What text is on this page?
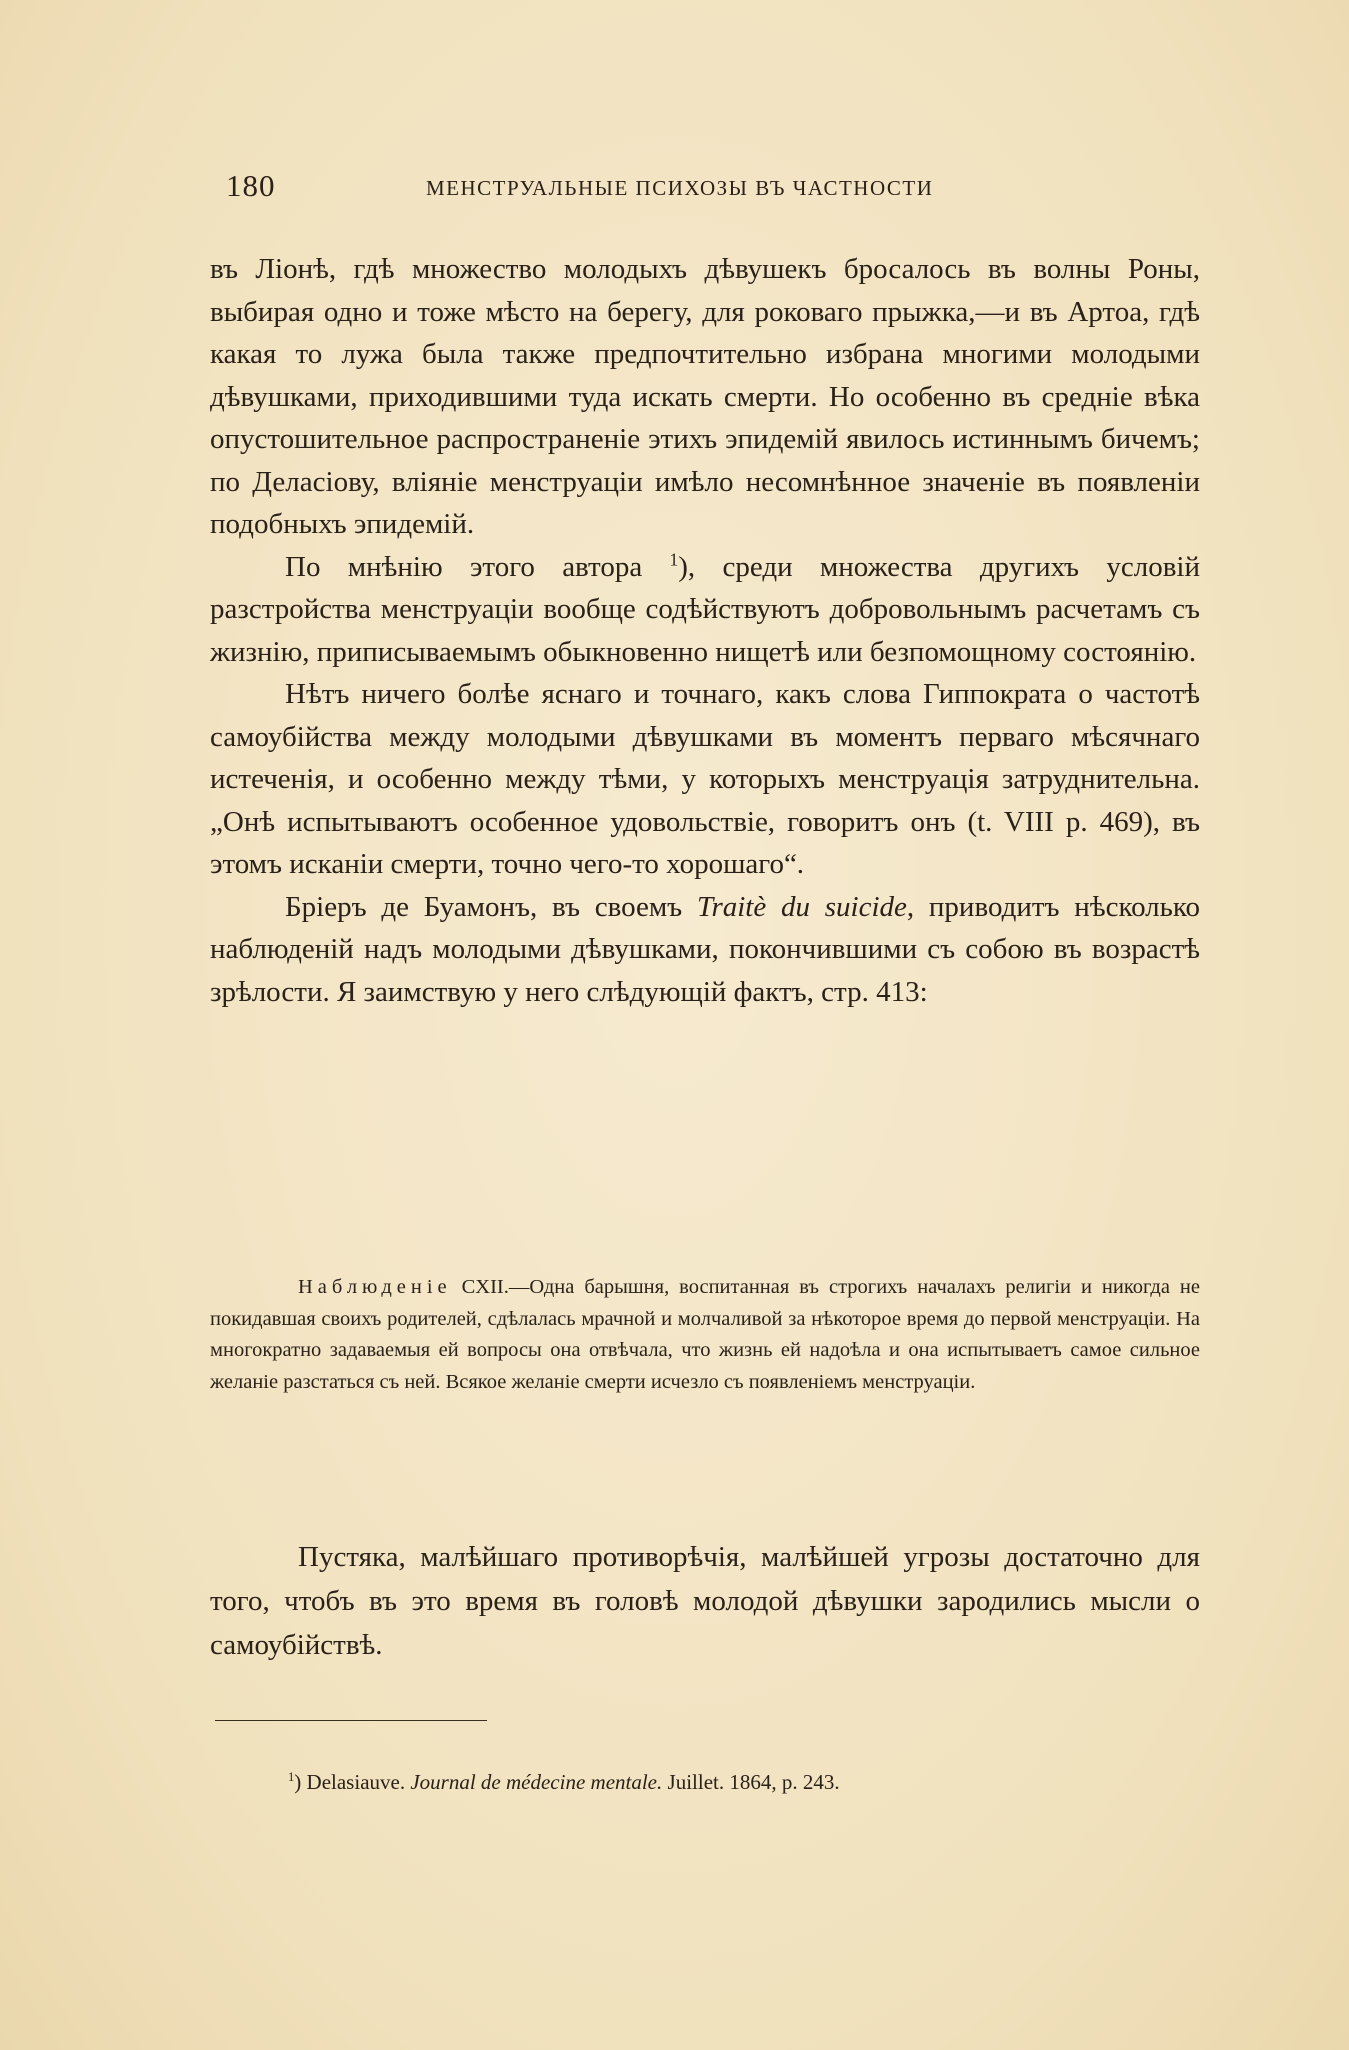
180	МЕНСТРУАЛЬНЫЕ ПСИХОЗЫ ВЪ ЧАСТНОСТИ

въ Ліонѣ, гдѣ множество молодыхъ дѣвушекъ бросалось въ волны Роны, выбирая одно и тоже мѣсто на берегу, для роковаго прыжка,—и въ Артоа, гдѣ какая то лужа была также предпочтительно избрана многими молодыми дѣвушками, приходившими туда искать смерти. Но особенно въ средніе вѣка опустошительное распространеніе этихъ эпидемій явилось истиннымъ бичемъ; по Деласіову, вліяніе менструаціи имѣло несомнѣнное значеніе въ появленіи подобныхъ эпидемій.

По мнѣнію этого автора $^1$), среди множества другихъ условій разстройства менструаціи вообще содѣйствуютъ добровольнымъ расчетамъ съ жизнію, приписываемымъ обыкновенно нищетѣ или безпомощному состоянію.

Нѣтъ ничего болѣе яснаго и точнаго, какъ слова Гиппократа о частотѣ самоубійства между молодыми дѣвушками въ моментъ перваго мѣсячнаго истеченія, и особенно между тѣми, у которыхъ менструація затруднительна. „Онѣ испытываютъ особенное удовольствіе, говоритъ онъ (t. VIII р. 469), въ этомъ исканіи смерти, точно чего-то хорошаго“.

Бріеръ де Буамонъ, въ своемъ Traitè du suicide, приводитъ нѣсколько наблюденій надъ молодыми дѣвушками, покончившими съ собою въ возрастѣ зрѣлости. Я заимствую у него слѣдующій фактъ, стр. 413:

Наблюденіе CXII.—Одна барышня, воспитанная въ строгихъ началахъ религіи и никогда не покидавшая своихъ родителей, сдѣлалась мрачной и молчаливой за нѣкоторое время до первой менструаціи. На многократно задаваемыя ей вопросы она отвѣчала, что жизнь ей надоѣла и она испытываетъ самое сильное желаніе разстаться съ ней. Всякое желаніе смерти исчезло съ появленіемъ менструаціи.
Пустяка, малѣйшаго противорѣчія, малѣйшей угрозы достаточно для того, чтобъ въ это время въ головѣ молодой дѣвушки зародились мысли о самоубійствѣ.
$^1$) Delasiauve. Journal de médecine mentale. Juillet. 1864, p. 243.
